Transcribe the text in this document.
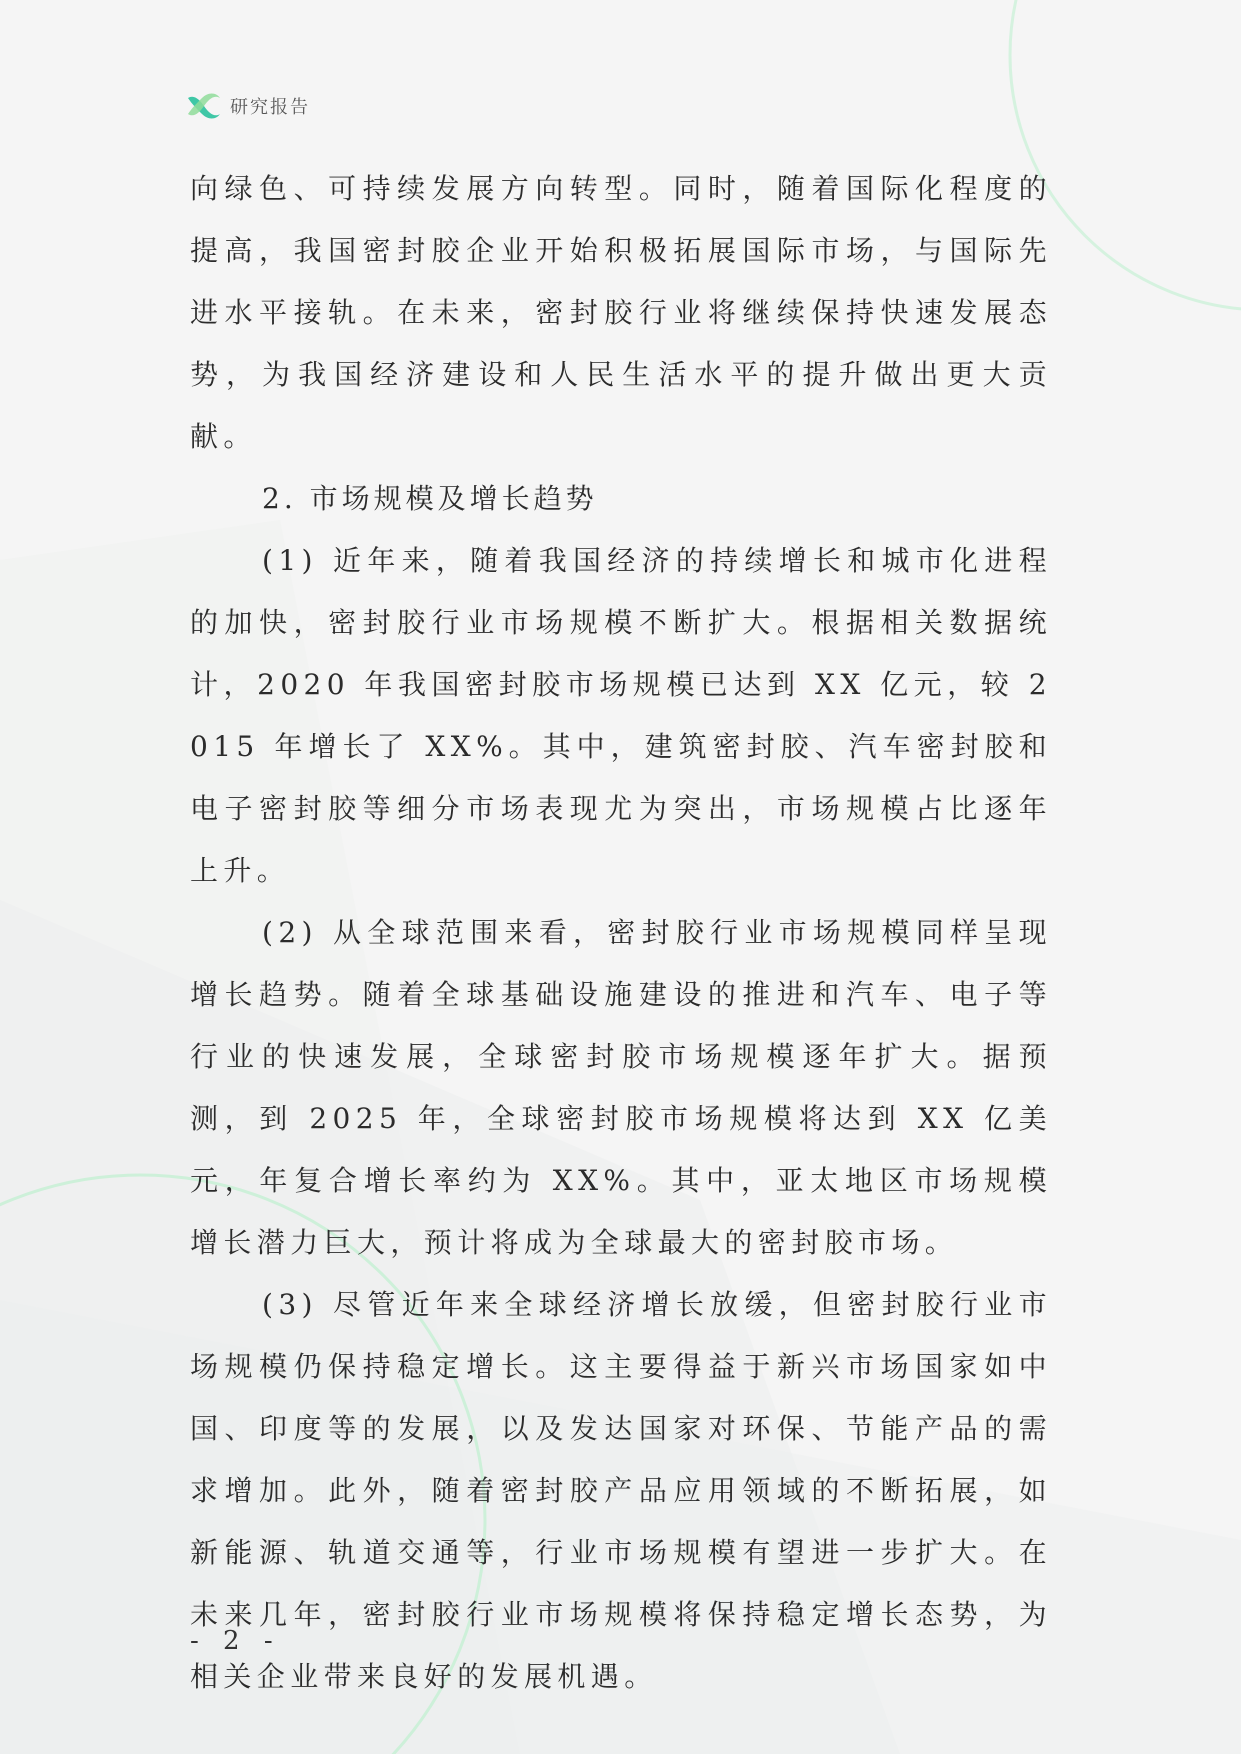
研究报告

向绿色、可持续发展方向转型。同时，随着国际化程度的提高，我国密封胶企业开始积极拓展国际市场，与国际先进水平接轨。在未来，密封胶行业将继续保持快速发展态势，为我国经济建设和人民生活水平的提升做出更大贡献。

2. 市场规模及增长趋势

(1) 近年来，随着我国经济的持续增长和城市化进程的加快，密封胶行业市场规模不断扩大。根据相关数据统计，2020 年我国密封胶市场规模已达到 XX 亿元，较 2015 年增长了 XX%。其中，建筑密封胶、汽车密封胶和电子密封胶等细分市场表现尤为突出，市场规模占比逐年上升。

(2) 从全球范围来看，密封胶行业市场规模同样呈现增长趋势。随着全球基础设施建设的推进和汽车、电子等行业的快速发展，全球密封胶市场规模逐年扩大。据预测，到 2025 年，全球密封胶市场规模将达到 XX 亿美元，年复合增长率约为 XX%。其中，亚太地区市场规模增长潜力巨大，预计将成为全球最大的密封胶市场。

(3) 尽管近年来全球经济增长放缓，但密封胶行业市场规模仍保持稳定增长。这主要得益于新兴市场国家如中国、印度等的发展，以及发达国家对环保、节能产品的需求增加。此外，随着密封胶产品应用领域的不断拓展，如新能源、轨道交通等，行业市场规模有望进一步扩大。在未来几年，密封胶行业市场规模将保持稳定增长态势，为相关企业带来良好的发展机遇。

- 2 -
